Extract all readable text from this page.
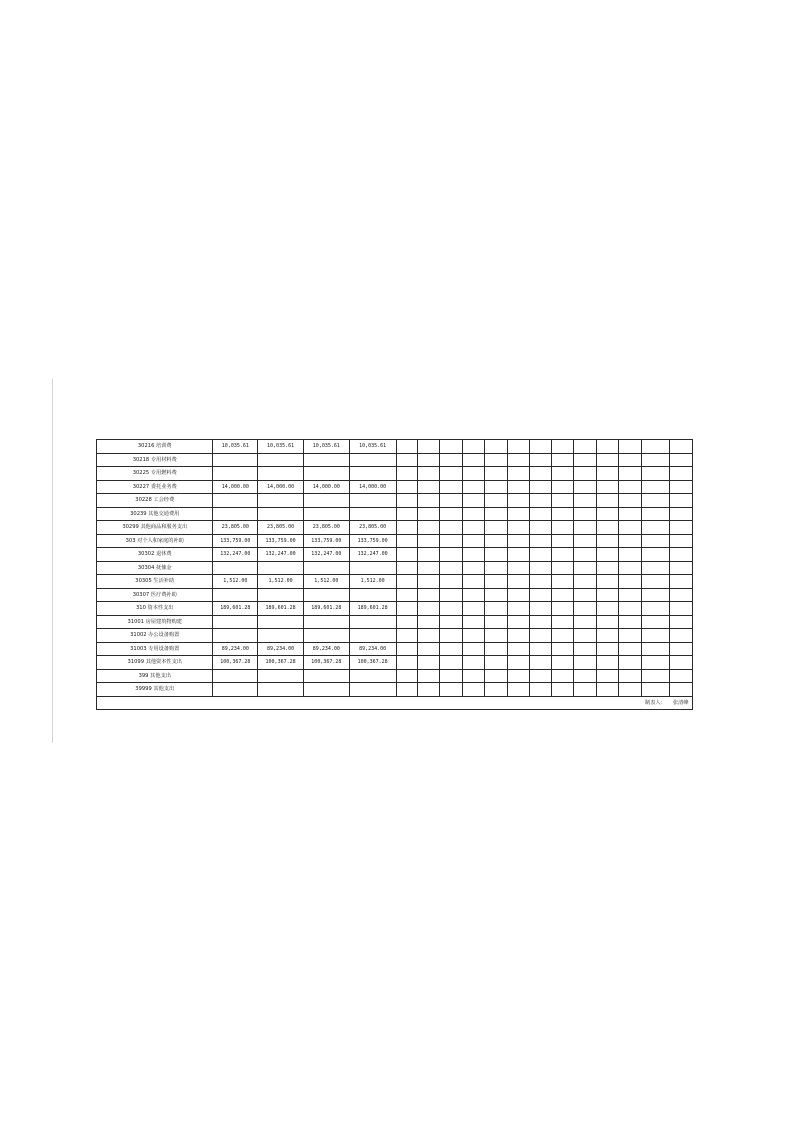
30216 培训费	10,035.61	10,035.61	10,035.61	10,035.61													
30218 专用材料费																	
30225 专用燃料费																	
30227 委托业务费	14,000.00	14,000.00	14,000.00	14,000.00													
30228 工会经费																	
30239 其他交通费用																	
30299 其他商品和服务支出	23,805.00	23,805.00	23,805.00	23,805.00													
303 对个人和家庭的补助	133,759.00	133,759.00	133,759.00	133,759.00													
30302 退休费	132,247.00	132,247.00	132,247.00	132,247.00													
30304 抚恤金																	
30305 生活补助	1,512.00	1,512.00	1,512.00	1,512.00													
30307 医疗费补助																	
310 资本性支出	189,601.28	189,601.28	189,601.28	189,601.28													
31001 房屋建筑物购建																	
31002 办公设备购置																	
31003 专用设备购置	89,234.00	89,234.00	89,234.00	89,234.00													
31099 其他资本性支出	100,367.28	100,367.28	100,367.28	100,367.28													
399 其他支出																	
39999 其他支出																	
																制表人：	张清峰
